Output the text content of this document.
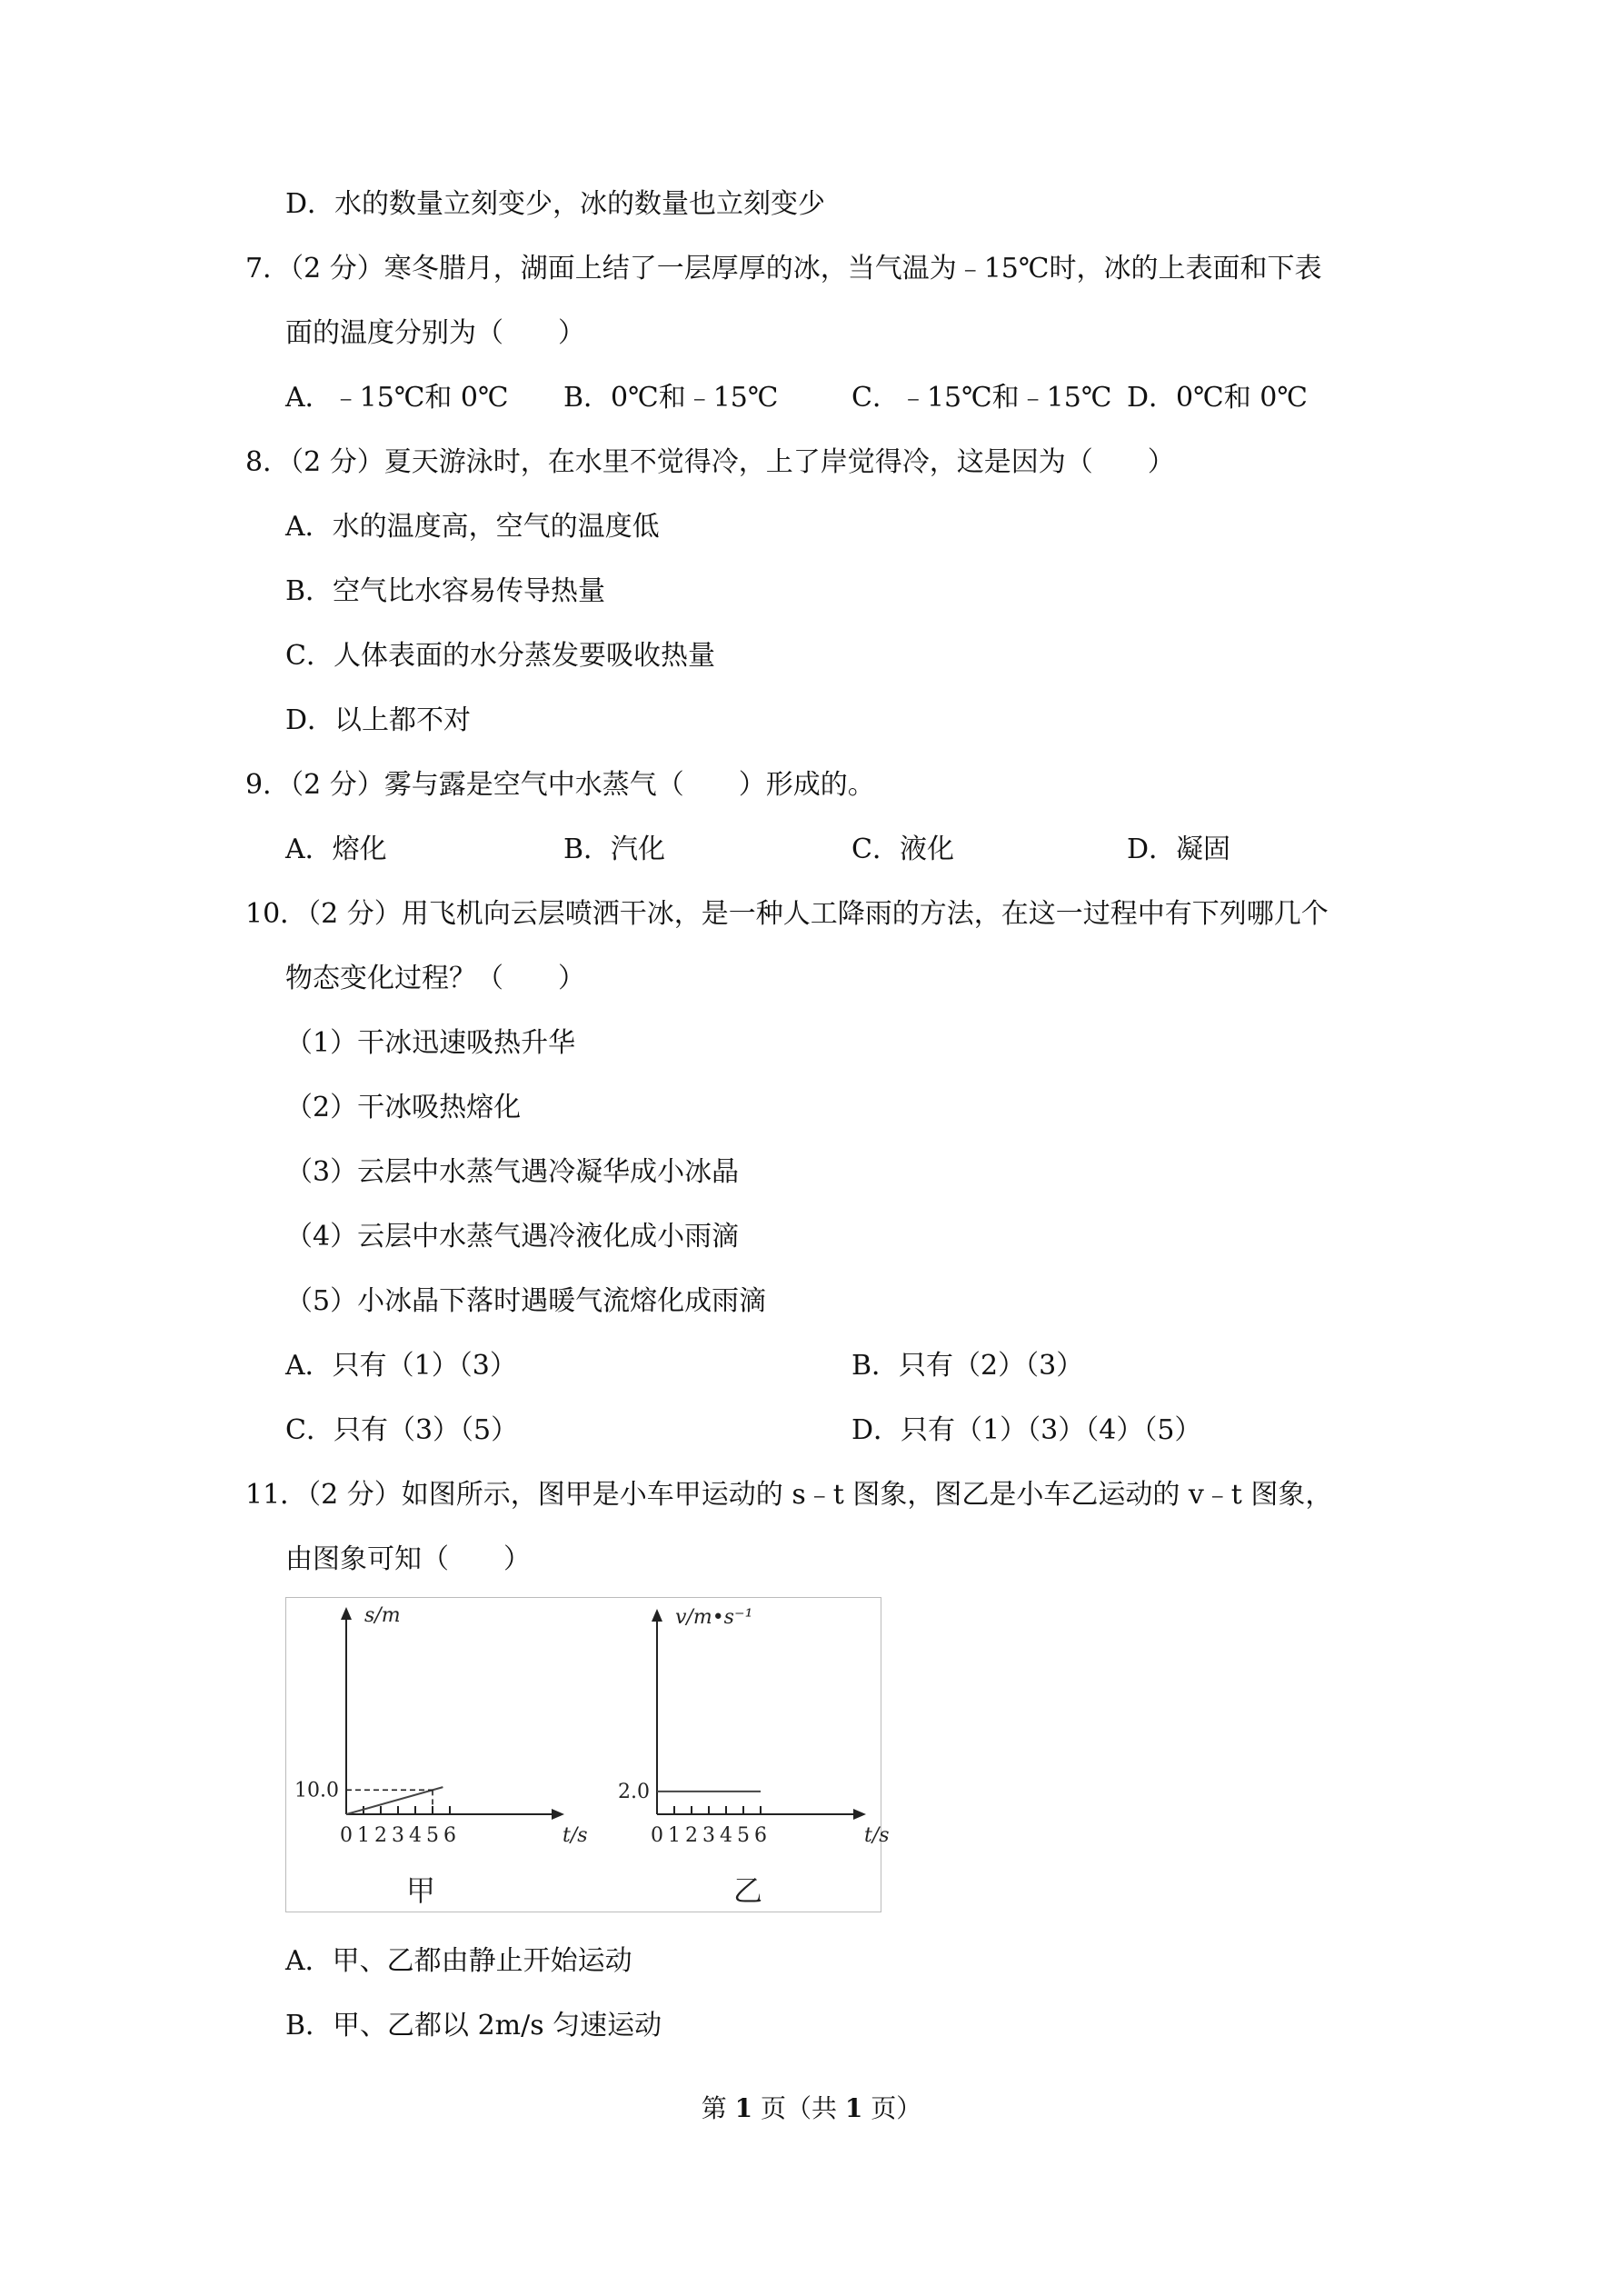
D．水的数量立刻变少，冰的数量也立刻变少
7．（2 分）寒冬腊月，湖面上结了一层厚厚的冰，当气温为﹣15℃时，冰的上表面和下表
面的温度分别为（　　）
A．﹣15℃和 0℃ B．0℃和﹣15℃	C．﹣15℃和﹣15℃ D．0℃和 0℃
8．（2 分）夏天游泳时，在水里不觉得冷，上了岸觉得冷，这是因为（　　）
A．水的温度高，空气的温度低
B．空气比水容易传导热量
C．人体表面的水分蒸发要吸收热量
D．以上都不对
9．（2 分）雾与露是空气中水蒸气（　　）形成的。
A．熔化	B．汽化	C．液化	D．凝固
10．（2 分）用飞机向云层喷洒干冰，是一种人工降雨的方法，在这一过程中有下列哪几个
物态变化过程？（　　）
（1）干冰迅速吸热升华
（2）干冰吸热熔化
（3）云层中水蒸气遇冷凝华成小冰晶
（4）云层中水蒸气遇冷液化成小雨滴
（5）小冰晶下落时遇暖气流熔化成雨滴
A．只有（1）（3）	B．只有（2）（3）
C．只有（3）（5）	D．只有（1）（3）（4）（5）
11．（2 分）如图所示，图甲是小车甲运动的 s﹣t 图象，图乙是小车乙运动的 v﹣t 图象，
由图象可知（　　）
0 1 2 3 4 5 6	t/s
s/m
10.0
甲
0 1 2 3 4 5 6	t/s
v/m•s⁻¹
2.0
乙
A．甲、乙都由静止开始运动
B．甲、乙都以 2m/s 匀速运动
第 1 页（共 1 页）
